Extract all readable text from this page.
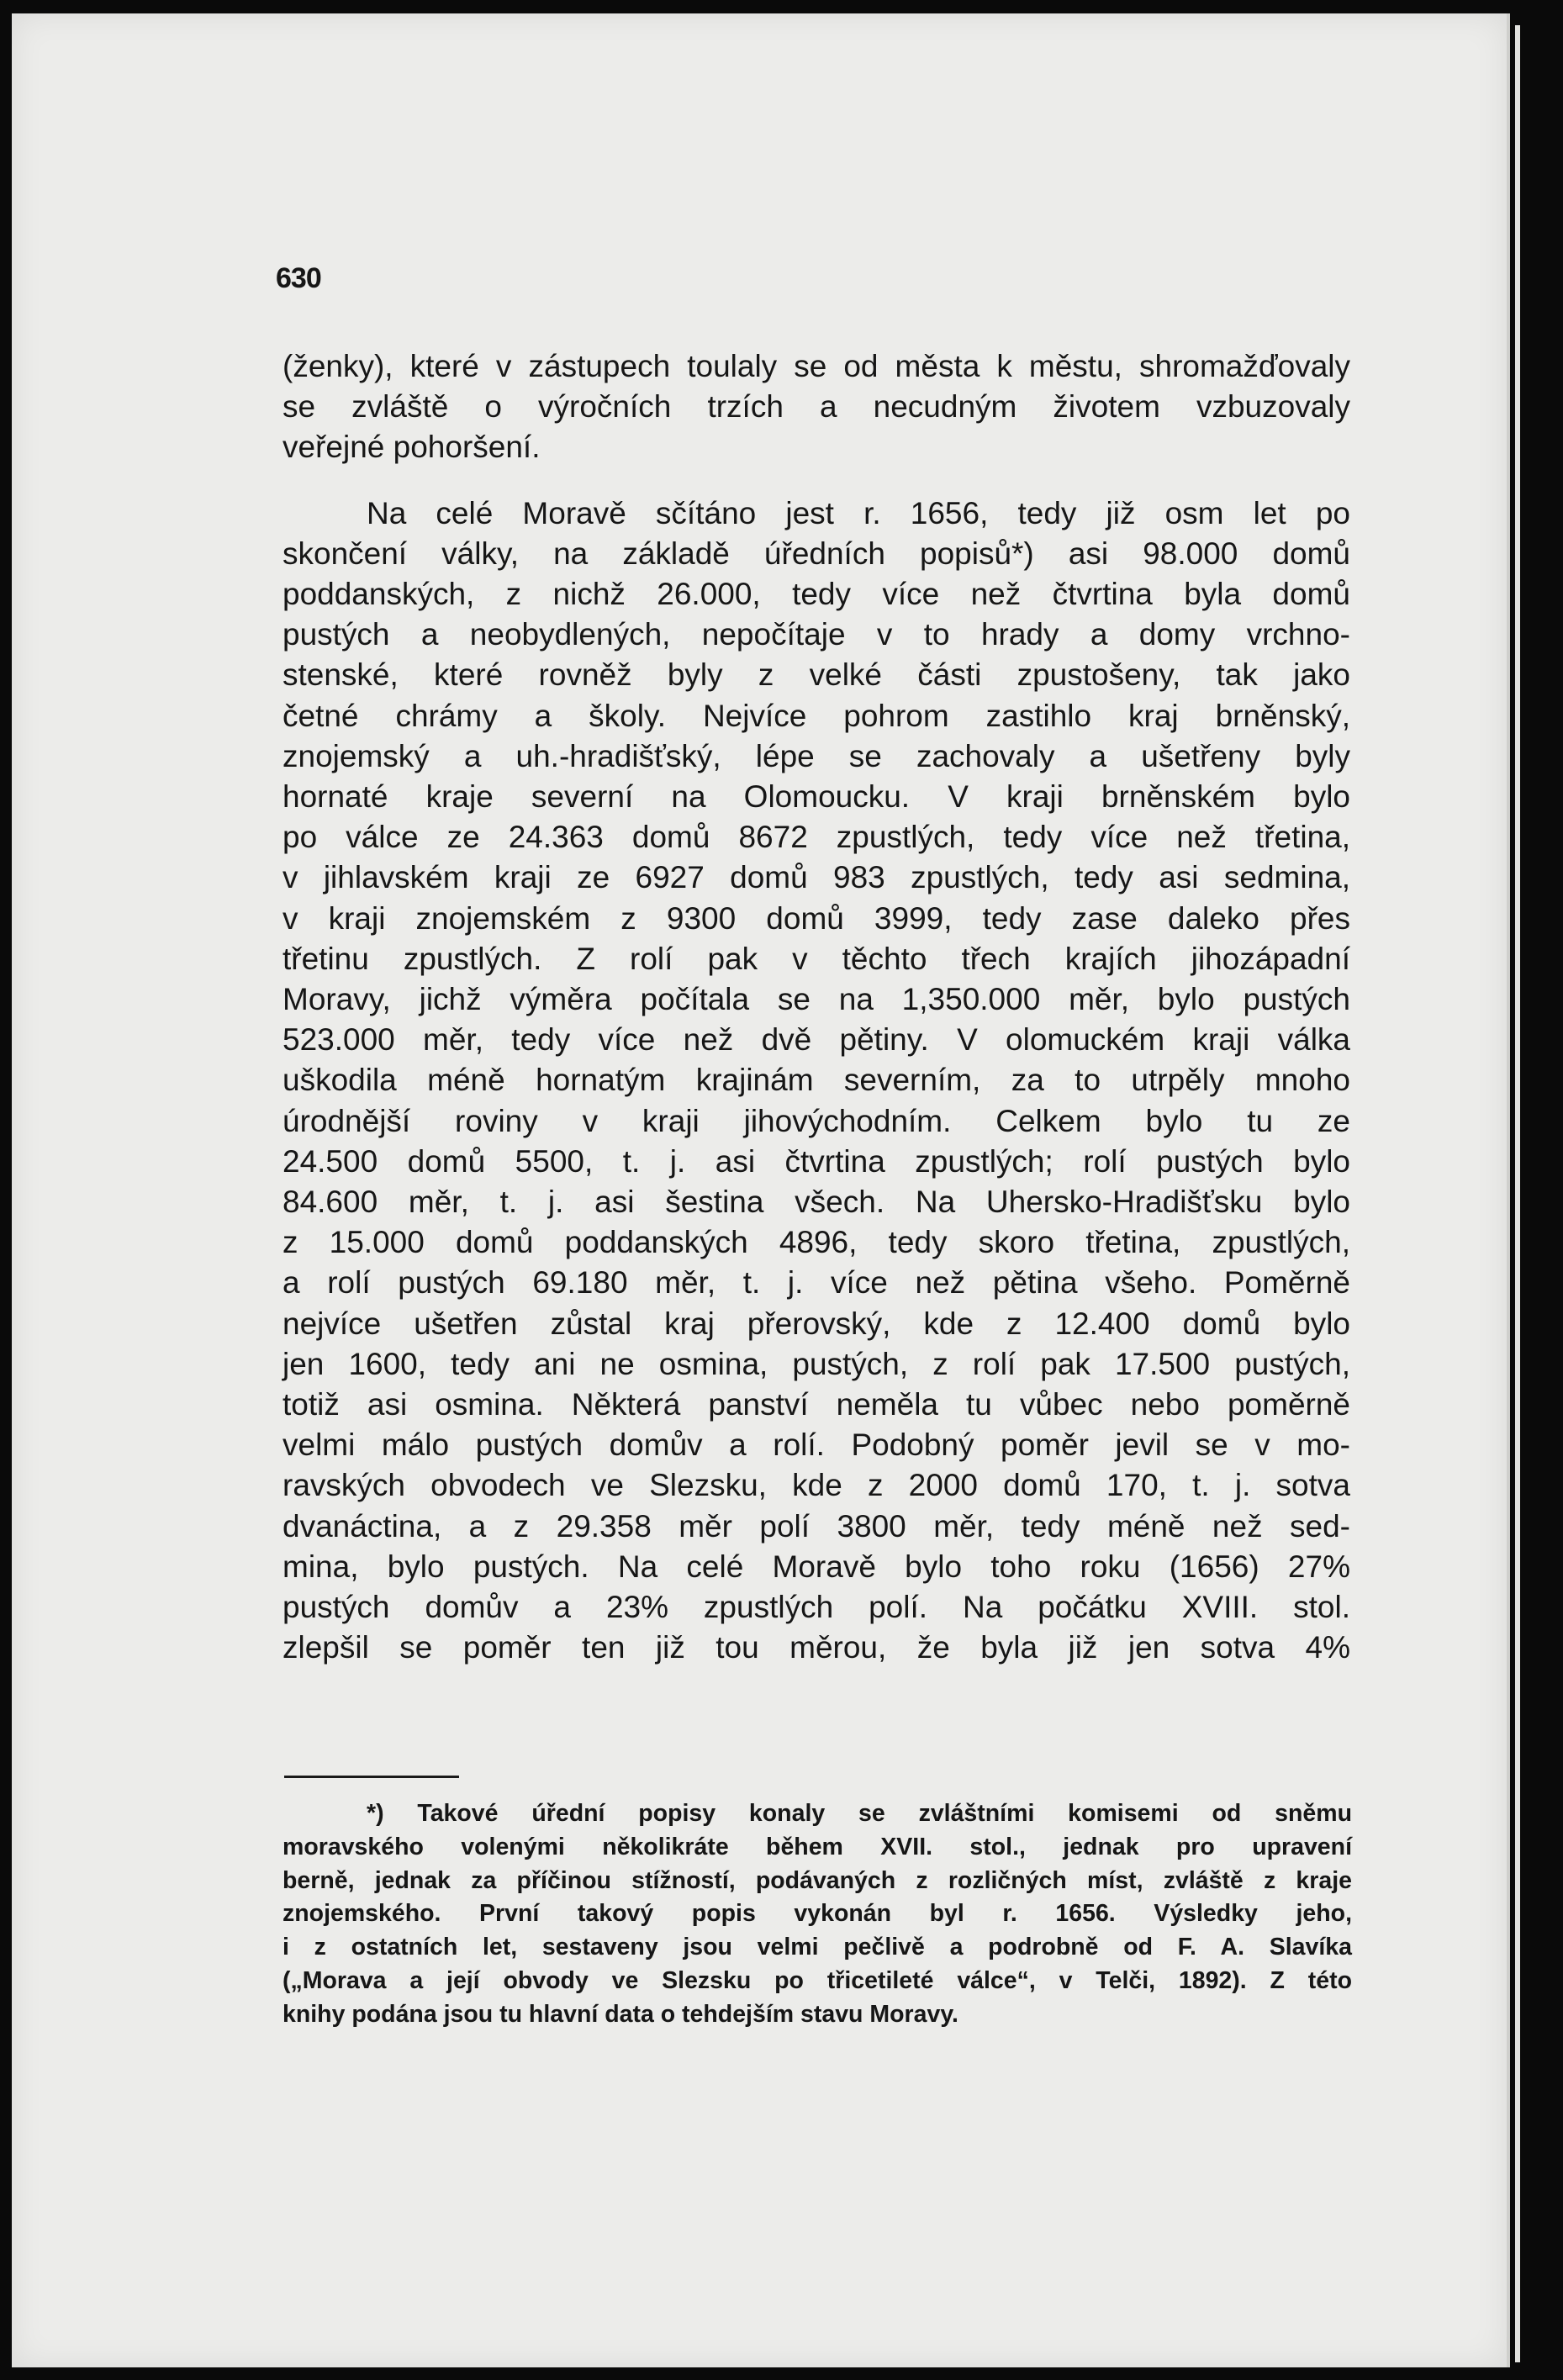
630
(ženky), které v zástupech toulaly se od města k městu, shromažďovaly
se zvláště o výročních trzích a necudným životem vzbuzovaly
veřejné pohoršení.
Na celé Moravě sčítáno jest r. 1656, tedy již osm let po
skončení války, na základě úředních popisů*) asi 98.000 domů
poddanských, z nichž 26.000, tedy více než čtvrtina byla domů
pustých a neobydlených, nepočítaje v to hrady a domy vrchno-
stenské, které rovněž byly z velké části zpustošeny, tak jako
četné chrámy a školy. Nejvíce pohrom zastihlo kraj brněnský,
znojemský a uh.-hradišťský, lépe se zachovaly a ušetřeny byly
hornaté kraje severní na Olomoucku. V kraji brněnském bylo
po válce ze 24.363 domů 8672 zpustlých, tedy více než třetina,
v jihlavském kraji ze 6927 domů 983 zpustlých, tedy asi sedmina,
v kraji znojemském z 9300 domů 3999, tedy zase daleko přes
třetinu zpustlých. Z rolí pak v těchto třech krajích jihozápadní
Moravy, jichž výměra počítala se na 1,350.000 měr, bylo pustých
523.000 měr, tedy více než dvě pětiny. V olomuckém kraji válka
uškodila méně hornatým krajinám severním, za to utrpěly mnoho
úrodnější roviny v kraji jihovýchodním. Celkem bylo tu ze
24.500 domů 5500, t. j. asi čtvrtina zpustlých; rolí pustých bylo
84.600 měr, t. j. asi šestina všech. Na Uhersko-Hradišťsku bylo
z 15.000 domů poddanských 4896, tedy skoro třetina, zpustlých,
a rolí pustých 69.180 měr, t. j. více než pětina všeho. Poměrně
nejvíce ušetřen zůstal kraj přerovský, kde z 12.400 domů bylo
jen 1600, tedy ani ne osmina, pustých, z rolí pak 17.500 pustých,
totiž asi osmina. Některá panství neměla tu vůbec nebo poměrně
velmi málo pustých domův a rolí. Podobný poměr jevil se v mo-
ravských obvodech ve Slezsku, kde z 2000 domů 170, t. j. sotva
dvanáctina, a z 29.358 měr polí 3800 měr, tedy méně než sed-
mina, bylo pustých. Na celé Moravě bylo toho roku (1656) 27%
pustých domův a 23% zpustlých polí. Na počátku XVIII. stol.
zlepšil se poměr ten již tou měrou, že byla již jen sotva 4%
*) Takové úřední popisy konaly se zvláštními komisemi od sněmu
moravského volenými několikráte během XVII. stol., jednak pro upravení
berně, jednak za příčinou stížností, podávaných z rozličných míst, zvláště z kraje
znojemského. První takový popis vykonán byl r. 1656. Výsledky jeho,
i z ostatních let, sestaveny jsou velmi pečlivě a podrobně od F. A. Slavíka
(„Morava a její obvody ve Slezsku po třicetileté válce“, v Telči, 1892). Z této
knihy podána jsou tu hlavní data o tehdejším stavu Moravy.
